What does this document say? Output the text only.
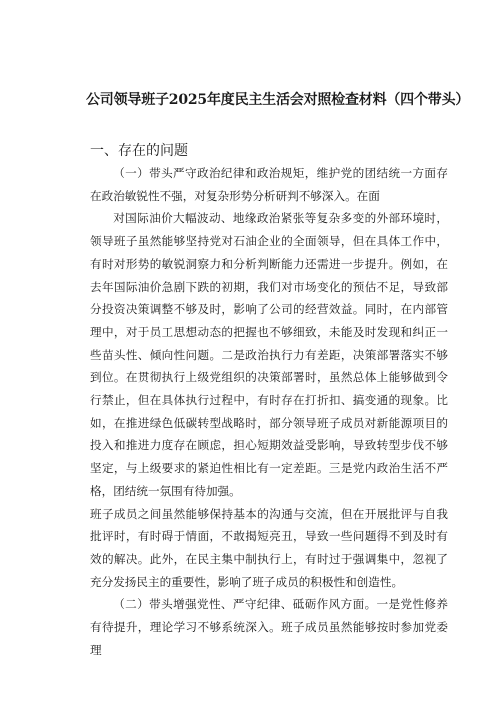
公司领导班子2025年度民主生活会对照检查材料（四个带头）
一、存在的问题

（一）带头严守政治纪律和政治规矩，维护党的团结统一方面存在政治敏锐性不强，对复杂形势分析研判不够深入。在面

对国际油价大幅波动、地缘政治紧张等复杂多变的外部环境时，领导班子虽然能够坚持党对石油企业的全面领导，但在具体工作中，有时对形势的敏锐洞察力和分析判断能力还需进一步提升。例如，在去年国际油价急剧下跌的初期，我们对市场变化的预估不足，导致部分投资决策调整不够及时，影响了公司的经营效益。同时，在内部管理中，对于员工思想动态的把握也不够细致，未能及时发现和纠正一些苗头性、倾向性问题。二是政治执行力有差距，决策部署落实不够到位。在贯彻执行上级党组织的决策部署时，虽然总体上能够做到令行禁止，但在具体执行过程中，有时存在打折扣、搞变通的现象。比如，在推进绿色低碳转型战略时，部分领导班子成员对新能源项目的投入和推进力度存在顾虑，担心短期效益受影响，导致转型步伐不够坚定，与上级要求的紧迫性相比有一定差距。三是党内政治生活不严格，团结统一氛围有待加强。

班子成员之间虽然能够保持基本的沟通与交流，但在开展批评与自我批评时，有时碍于情面，不敢揭短亮丑，导致一些问题得不到及时有效的解决。此外，在民主集中制执行上，有时过于强调集中，忽视了充分发扬民主的重要性，影响了班子成员的积极性和创造性。

（二）带头增强党性、严守纪律、砥砺作风方面。一是党性修养有待提升，理论学习不够系统深入。班子成员虽然能够按时参加党委理
